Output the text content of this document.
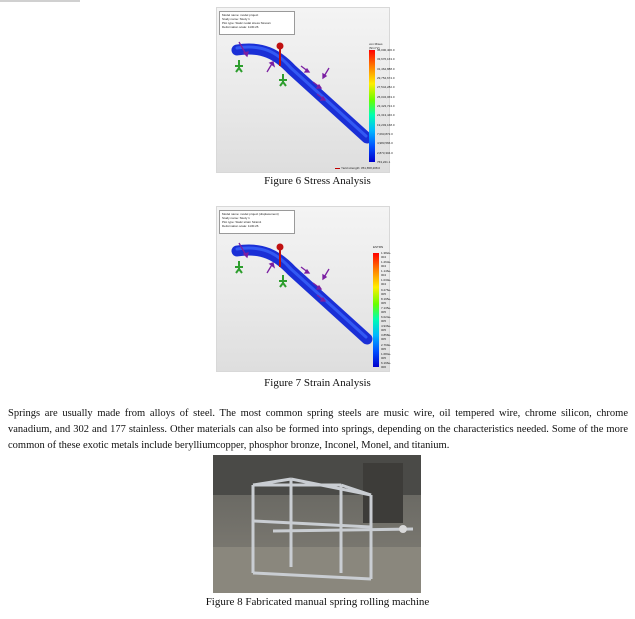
Model name: model project
Study name: Study 1
Plot type: Static nodal stress Stress1
Deformation scale: 1130.26
von Mises (N/m^2)
36,000,406.0
33,676,163.0
31,464,888.0
29,754,674.0
27,544,282.0
25,034,063.0
23,423,724.0
21,313,446.0
19,203,168.0
7,093,872.0
4,983,566.0
2,873,304.0
763,221.1
Yield strength: 351,658,208.0
Figure 6 Stress Analysis
Model name: model project (displacement)
Study name: Study 1
Plot type: Static strain Strain1
Deformation scale: 1130.26
ESTRN
1.382e-004
1.263e-004
1.146e-004
1.030e-004
9.276e-005
8.195e-005
7.135e-005
6.024e-005
4.936e-005
3.858e-005
2.769e-005
1.684e-005
6.196e-006
Figure 7 Strain Analysis

Springs are usually made from alloys of steel. The most common spring steels are music wire, oil tempered wire, chrome silicon, chrome vanadium, and 302 and 177 stainless. Other materials can also be formed into springs, depending on the characteristics needed. Some of the more common of these exotic metals include berylliumcopper, phosphor bronze, Inconel, Monel, and titanium.

Figure 8 Fabricated manual spring rolling machine
